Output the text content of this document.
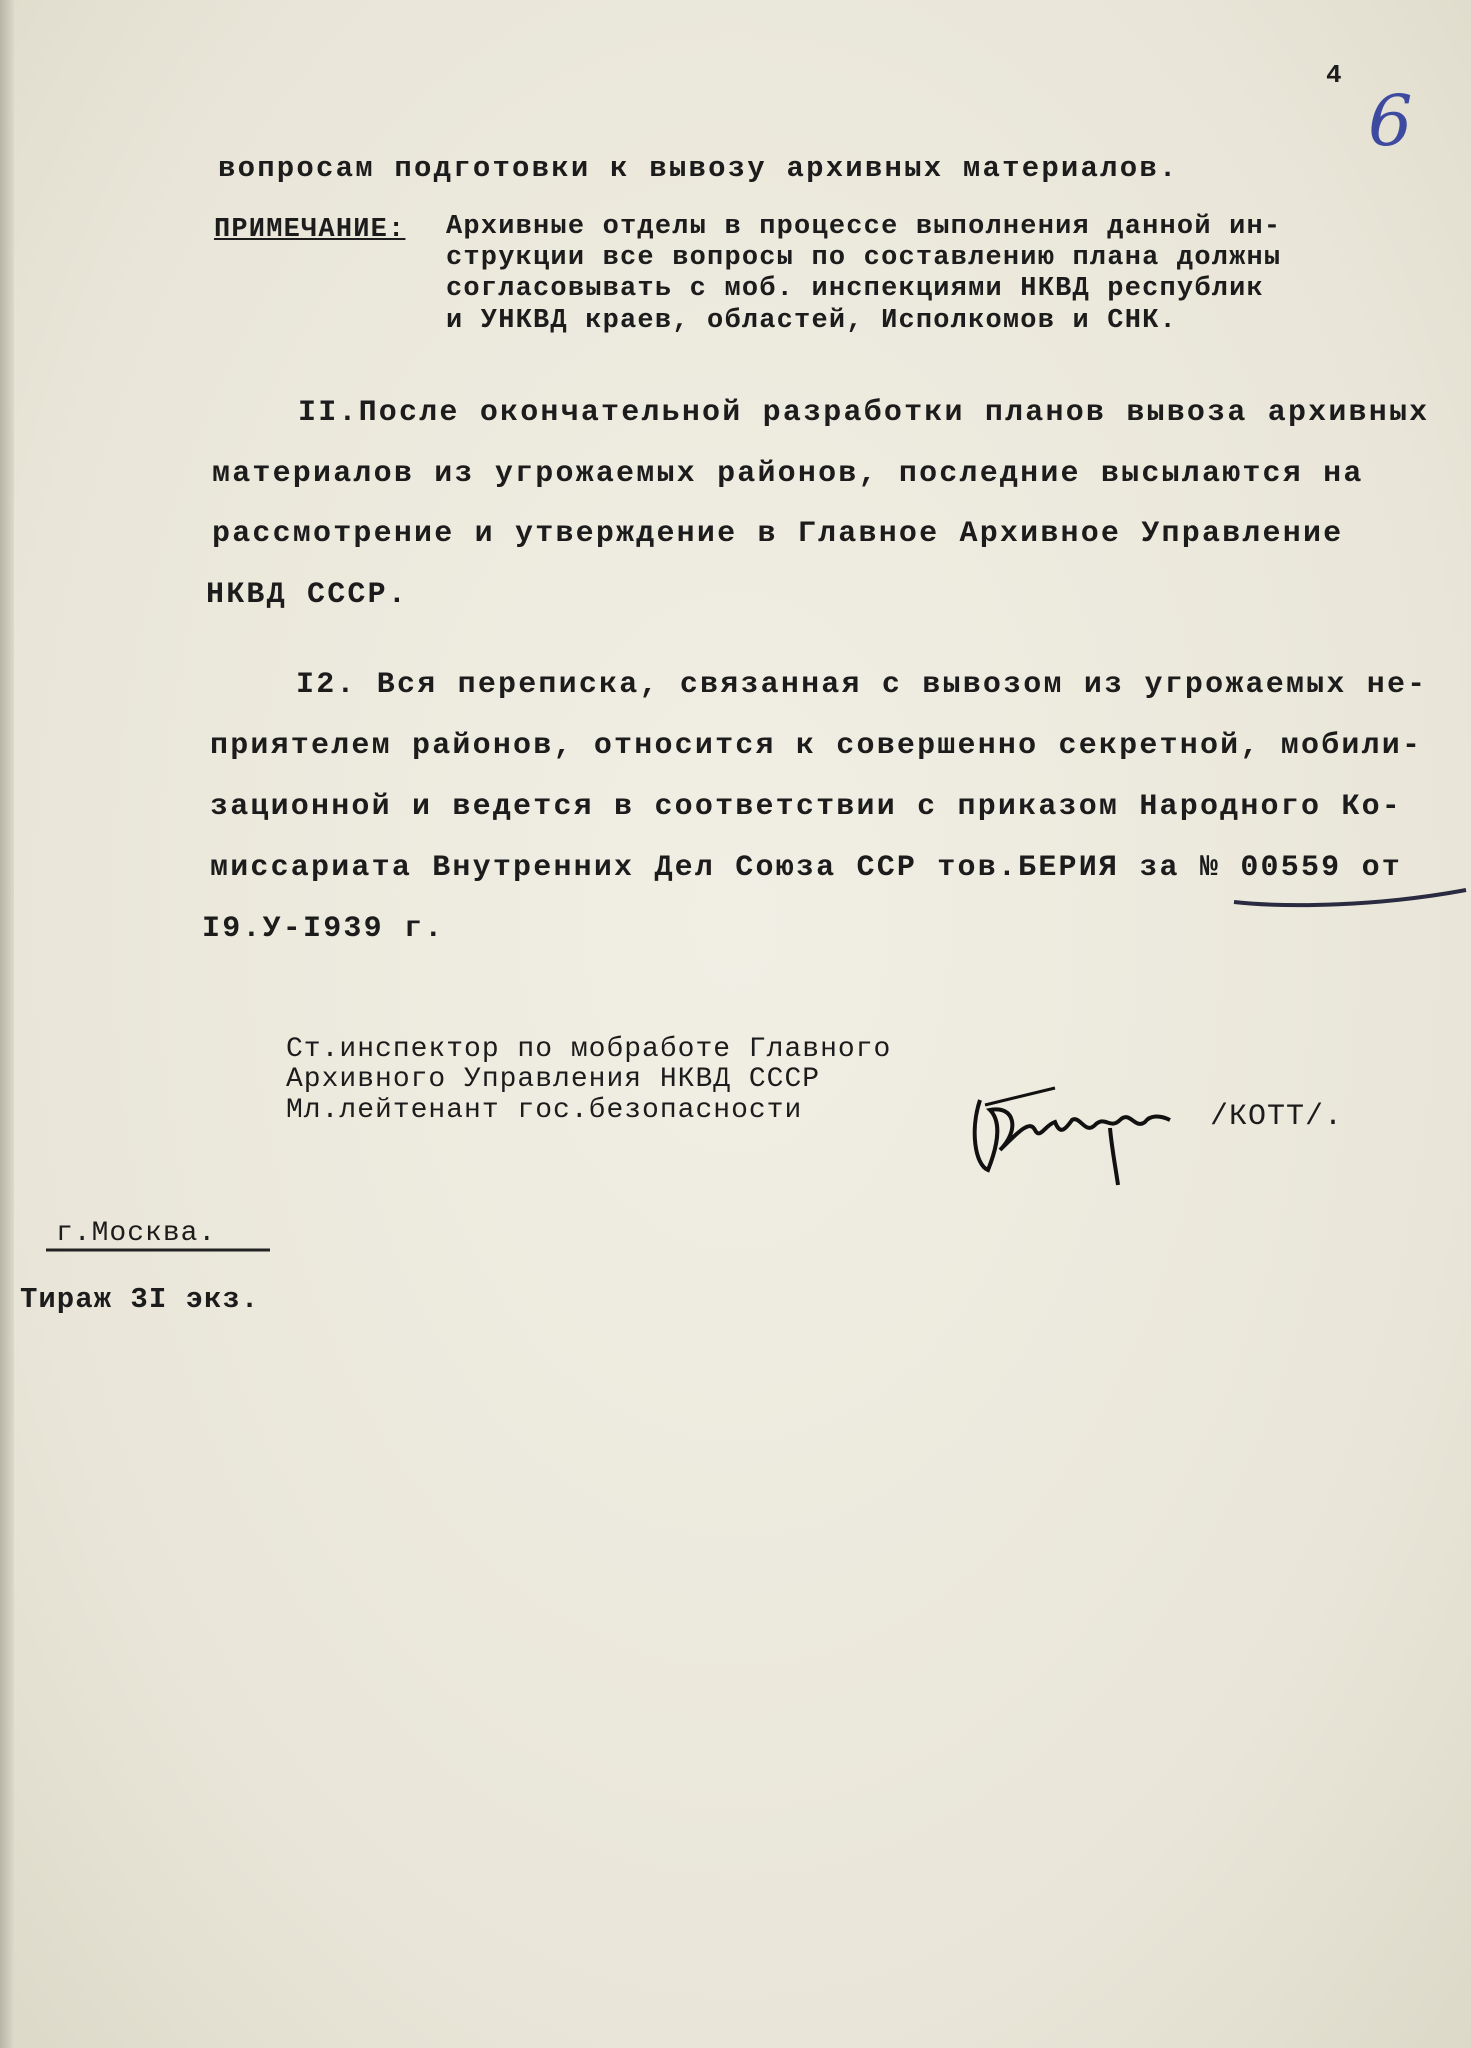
4
6
вопросам подготовки к вывозу архивных материалов.
ПРИМЕЧАНИЕ: Архивные отделы в процессе выполнения данной ин-
струкции все вопросы по составлению плана должны
согласовывать с моб. инспекциями НКВД республик
и УНКВД краев, областей, Исполкомов и СНК.
II.После окончательной разработки планов вывоза архивных
материалов из угрожаемых районов, последние высылаются на
рассмотрение и утверждение в Главное Архивное Управление
НКВД СССР.
I2. Вся переписка, связанная с вывозом из угрожаемых не-
приятелем районов, относится к совершенно секретной, мобили-
зационной и ведется в соответствии с приказом Народного Ко-
миссариата Внутренних Дел Союза ССР тов.БЕРИЯ за № 00559 от
I9.У-I939 г.
Ст.инспектор по мобработе Главного
Архивного Управления НКВД СССР
Мл.лейтенант гос.безопасности	/КОТТ/.
г.Москва.
Тираж 3I экз.
